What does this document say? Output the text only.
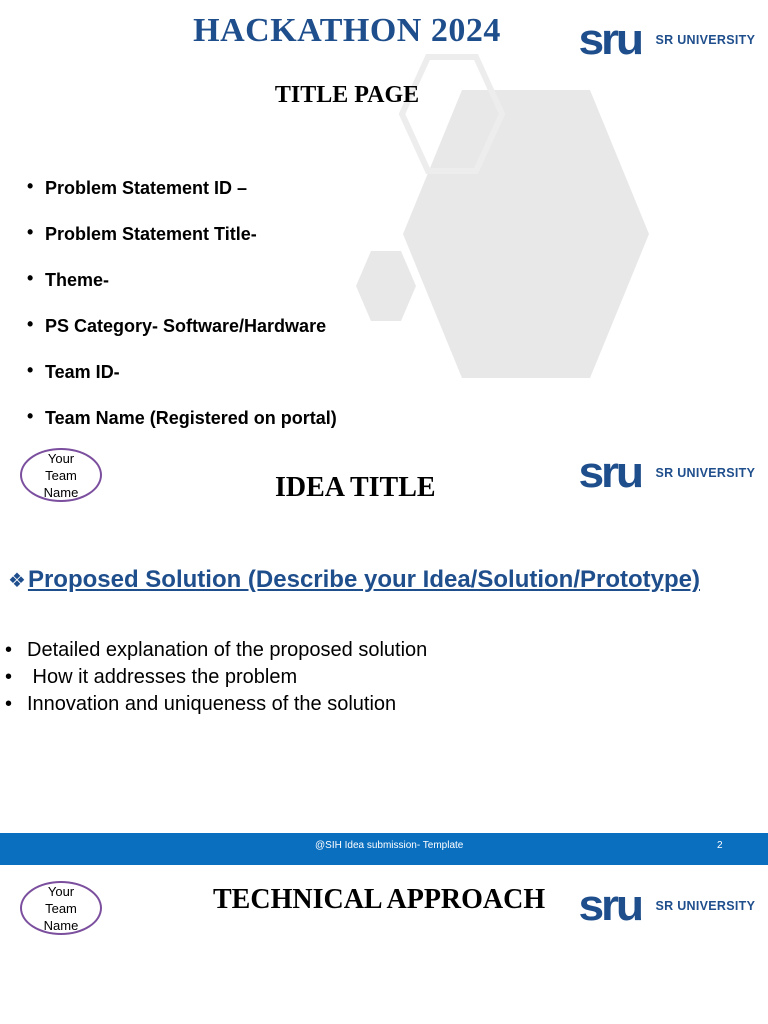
HACKATHON 2024
TITLE PAGE
sru SR UNIVERSITY
• Problem Statement ID –
• Problem Statement Title-
• Theme-
• PS Category- Software/Hardware
• Team ID-
• Team Name (Registered on portal)
Your
Team
Name	IDEA TITLE	sru SR UNIVERSITY
❖ Proposed Solution (Describe your Idea/Solution/Prototype)
• Detailed explanation of the proposed solution
•  How it addresses the problem
• Innovation and uniqueness of the solution
@SIH Idea submission- Template	2
Your
Team
Name
TECHNICAL APPROACH sru SR UNIVERSITY
